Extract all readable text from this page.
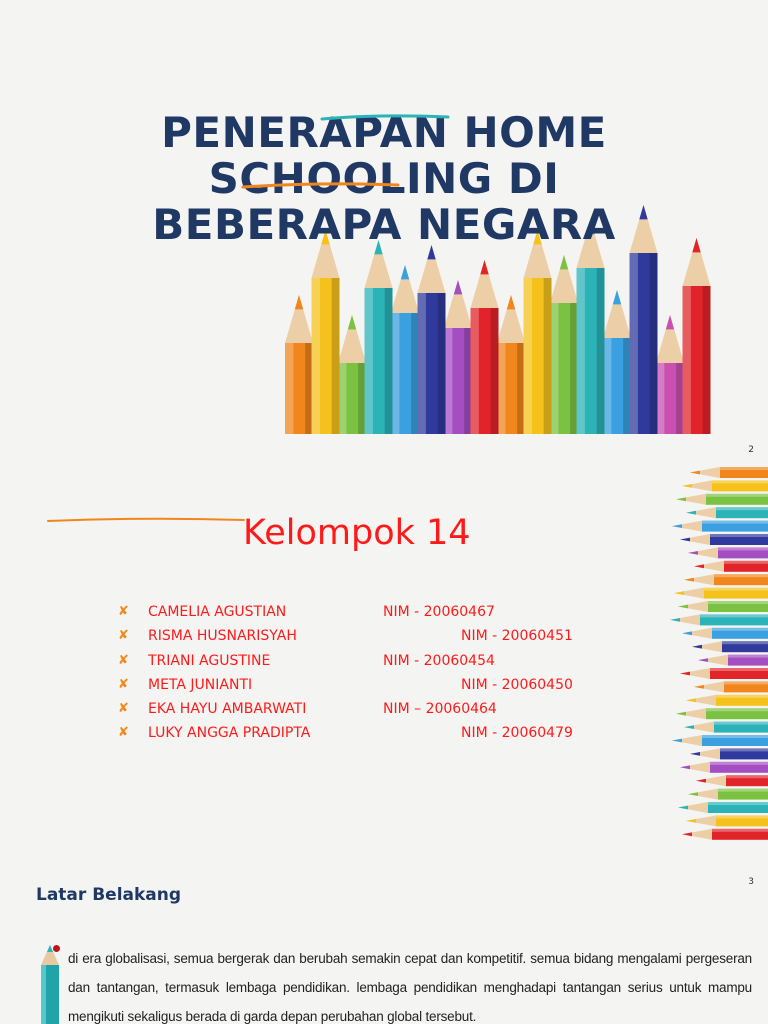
PENERAPAN HOME
SCHOOLING DI
BEBERAPA NEGARA
2
Kelompok 14
✘ CAMELIA AGUSTIAN	NIM - 20060467
✘ RISMA HUSNARISYAH	NIM - 20060451
✘ TRIANI AGUSTINE	NIM - 20060454
✘ META JUNIANTI	NIM - 20060450
✘ EKA HAYU AMBARWATI	NIM – 20060464
✘ LUKY ANGGA PRADIPTA	NIM - 20060479
3
Latar Belakang

di era globalisasi, semua bergerak dan berubah semakin cepat dan kompetitif. semua bidang mengalami pergeseran dan tantangan, termasuk lembaga pendidikan. lembaga pendidikan menghadapi tantangan serius untuk mampu mengikuti sekaligus berada di garda depan perubahan global tersebut.
